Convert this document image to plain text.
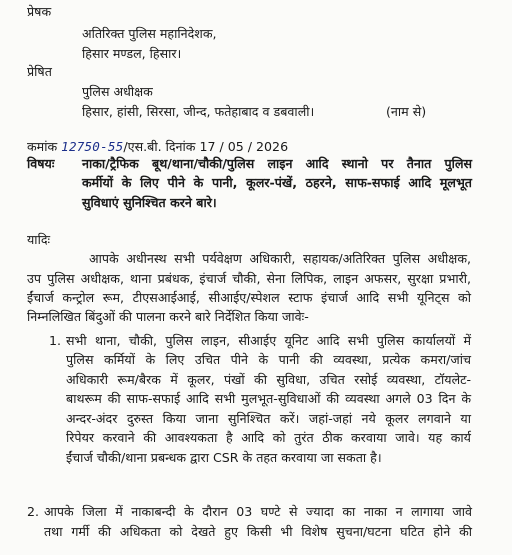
प्रेषक
अतिरिक्त पुलिस महानिदेशक,
हिसार मण्डल, हिसार।
प्रेषित
पुलिस अधीक्षक
हिसार, हांसी, सिरसा, जीन्द, फतेहाबाद व डबवाली।	(नाम से)
कमांक 12750-55/एस.बी. दिनांक 17 / 05 / 2026
विषयः नाका/ट्रैफिक बूथ/थाना/चौकी/पुलिस लाइन आदि स्थानो पर तैनात पुलिस
कर्मीयों के लिए पीने के पानी, कूलर-पंखें, ठहरने, साफ-सफाई आदि मूलभूत
सुविधाएं सुनिश्चित करने बारे।
यादिः
आपके अधीनस्थ सभी पर्यवेक्षण अधिकारी, सहायक/अतिरिक्त पुलिस अधीक्षक,
उप पुलिस अधीक्षक, थाना प्रबंधक, इंचार्ज चौकी, सेना लिपिक, लाइन अफसर, सुरक्षा प्रभारी,
ईंचार्ज कन्ट्रोल रूम, टीएसआईआई, सीआईए/स्पेशल स्टाफ इंचार्ज आदि सभी यूनिट्स को
निम्नलिखित बिंदुओं की पालना करने बारे निर्देशित किया जावेः-
1. सभी थाना, चौकी, पुलिस लाइन, सीआईए यूनिट आदि सभी पुलिस कार्यालयों में
पुलिस कर्मियों के लिए उचित पीने के पानी की व्यवस्था, प्रत्येक कमरा/जांच
अधिकारी रूम/बैरक में कूलर, पंखों की सुविधा, उचित रसोई व्यवस्था, टॉयलेट-
बाथरूम की साफ-सफाई आदि सभी मुलभूत-सुविधाओं की व्यवस्था अगले 03 दिन के
अन्दर-अंदर दुरुस्त किया जाना सुनिश्चित करें। जहां-जहां नये कूलर लगवाने या
रिपेयर करवाने की आवश्यकता है आदि को तुरंत ठीक करवाया जावे। यह कार्य
ईंचार्ज चौकी/थाना प्रबन्धक द्वारा CSR के तहत करवाया जा सकता है।
2. आपके जिला में नाकाबन्दी के दौरान 03 घण्टे से ज्यादा का नाका न लागाया जावे
तथा गर्मी की अधिकता को देखते हुए किसी भी विशेष सुचना/घटना घटित होने की
